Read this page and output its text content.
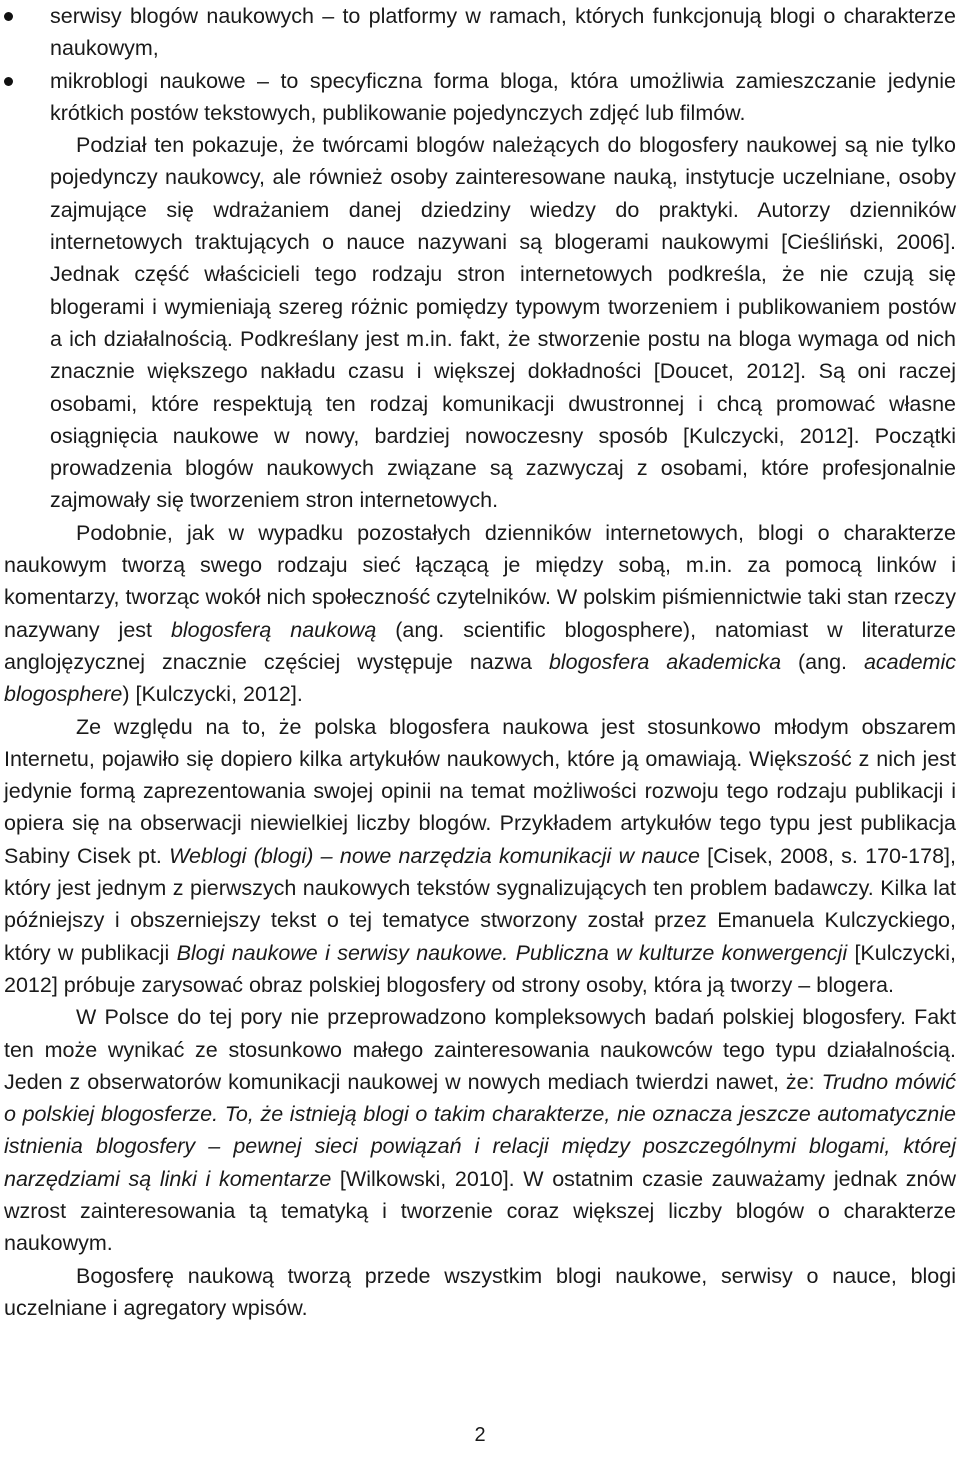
serwisy blogów naukowych – to platformy w ramach, których funkcjonują blogi o charakterze naukowym,
mikroblogi naukowe – to specyficzna forma bloga, która umożliwia zamieszczanie jedynie krótkich postów tekstowych, publikowanie pojedynczych zdjęć lub filmów.

Podział ten pokazuje, że twórcami blogów należących do blogosfery naukowej są nie tylko pojedynczy naukowcy, ale również osoby zainteresowane nauką, instytucje uczelniane, osoby zajmujące się wdrażaniem danej dziedziny wiedzy do praktyki. Autorzy dzienników internetowych traktujących o nauce nazywani są blogerami naukowymi [Cieśliński, 2006]. Jednak część właścicieli tego rodzaju stron internetowych podkreśla, że nie czują się blogerami i wymieniają szereg różnic pomiędzy typowym tworzeniem i publikowaniem postów a ich działalnością. Podkreślany jest m.in. fakt, że stworzenie postu na bloga wymaga od nich znacznie większego nakładu czasu i większej dokładności [Doucet, 2012]. Są oni raczej osobami, które respektują ten rodzaj komunikacji dwustronnej i chcą promować własne osiągnięcia naukowe w nowy, bardziej nowoczesny sposób [Kulczycki, 2012]. Początki prowadzenia blogów naukowych związane są zazwyczaj z osobami, które profesjonalnie zajmowały się tworzeniem stron internetowych.

Podobnie, jak w wypadku pozostałych dzienników internetowych, blogi o charakterze naukowym tworzą swego rodzaju sieć łączącą je między sobą, m.in. za pomocą linków i komentarzy, tworząc wokół nich społeczność czytelników. W polskim piśmiennictwie taki stan rzeczy nazywany jest blogosferą naukową (ang. scientific blogosphere), natomiast w literaturze anglojęzycznej znacznie częściej występuje nazwa blogosfera akademicka (ang. academic blogosphere) [Kulczycki, 2012].

Ze względu na to, że polska blogosfera naukowa jest stosunkowo młodym obszarem Internetu, pojawiło się dopiero kilka artykułów naukowych, które ją omawiają. Większość z nich jest jedynie formą zaprezentowania swojej opinii na temat możliwości rozwoju tego rodzaju publikacji i opiera się na obserwacji niewielkiej liczby blogów. Przykładem artykułów tego typu jest publikacja Sabiny Cisek pt. Weblogi (blogi) – nowe narzędzia komunikacji w nauce [Cisek, 2008, s. 170-178], który jest jednym z pierwszych naukowych tekstów sygnalizujących ten problem badawczy. Kilka lat późniejszy i obszerniejszy tekst o tej tematyce stworzony został przez Emanuela Kulczyckiego, który w publikacji Blogi naukowe i serwisy naukowe. Publiczna w kulturze konwergencji [Kulczycki, 2012] próbuje zarysować obraz polskiej blogosfery od strony osoby, która ją tworzy – blogera.

W Polsce do tej pory nie przeprowadzono kompleksowych badań polskiej blogosfery. Fakt ten może wynikać ze stosunkowo małego zainteresowania naukowców tego typu działalnością. Jeden z obserwatorów komunikacji naukowej w nowych mediach twierdzi nawet, że: Trudno mówić o polskiej blogosferze. To, że istnieją blogi o takim charakterze, nie oznacza jeszcze automatycznie istnienia blogosfery – pewnej sieci powiązań i relacji między poszczególnymi blogami, której narzędziami są linki i komentarze [Wilkowski, 2010]. W ostatnim czasie zauważamy jednak znów wzrost zainteresowania tą tematyką i tworzenie coraz większej liczby blogów o charakterze naukowym.

Bogosferę naukową tworzą przede wszystkim blogi naukowe, serwisy o nauce, blogi uczelniane i agregatory wpisów.

2
